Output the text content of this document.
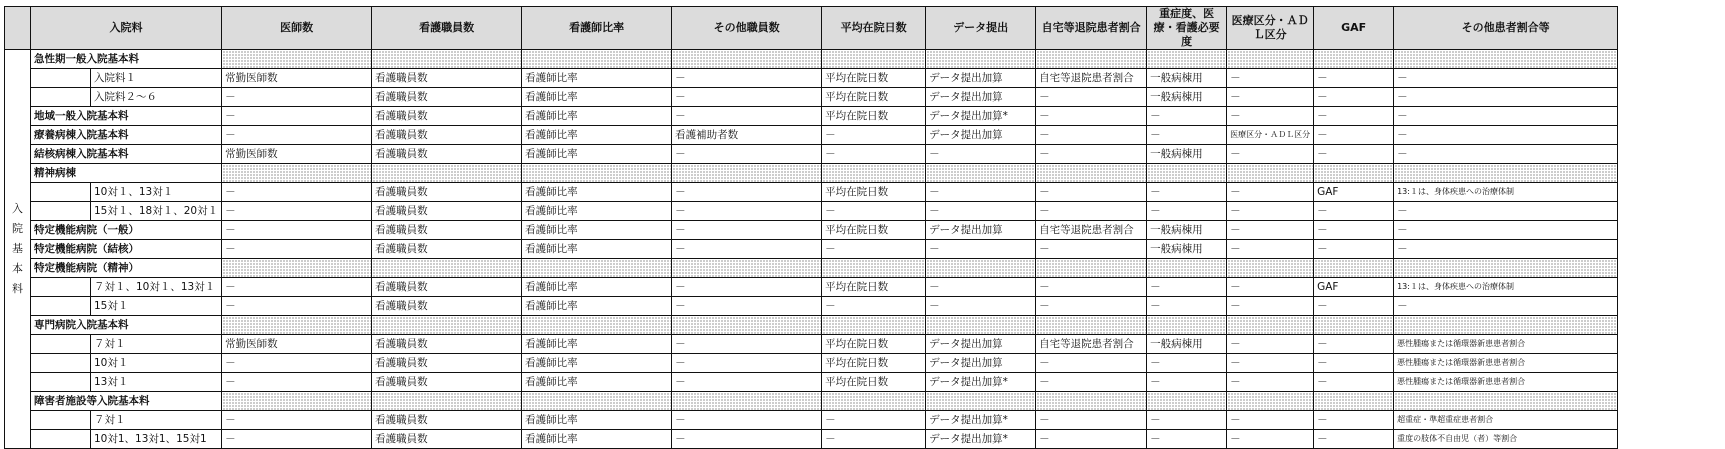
	入院料		医師数	看護職員数	看護師比率	その他職員数	平均在院日数	データ提出	自宅等退院患者割合	重症度、医療・看護必要度	医療区分・ＡＤＬ区分	GAF	その他患者割合等
入院基本料	急性期一般入院基本料												
		入院料１	常勤医師数	看護職員数	看護師比率	－	平均在院日数	データ提出加算	自宅等退院患者割合	一般病棟用	－	－	－
		入院料２～６	－	看護職員数	看護師比率	－	平均在院日数	データ提出加算	－	一般病棟用	－	－	－
	地域一般入院基本料		－	看護職員数	看護師比率	－	平均在院日数	データ提出加算*	－	－	－	－	－
	療養病棟入院基本料		－	看護職員数	看護師比率	看護補助者数	－	データ提出加算	－	－	医療区分・ＡＤＬ区分	－	－
	結核病棟入院基本料		常勤医師数	看護職員数	看護師比率	－	－	－	－	一般病棟用	－	－	－
	精神病棟												
		10対１、13対１	－	看護職員数	看護師比率	－	平均在院日数	－	－	－	－	GAF	13:１は、身体疾患への治療体制
		15対１、18対１、20対１	－	看護職員数	看護師比率	－	－	－	－	－	－	－	－
	特定機能病院（一般）		－	看護職員数	看護師比率	－	平均在院日数	データ提出加算	自宅等退院患者割合	一般病棟用	－	－	－
	特定機能病院（結核）		－	看護職員数	看護師比率	－	－	－	－	一般病棟用	－	－	－
	特定機能病院（精神）												
		７対１、10対１、13対１	－	看護職員数	看護師比率	－	平均在院日数	－	－	－	－	GAF	13:１は、身体疾患への治療体制
		15対１	－	看護職員数	看護師比率	－	－	－	－	－	－	－	－
	専門病院入院基本料												
		７対１	常勤医師数	看護職員数	看護師比率	－	平均在院日数	データ提出加算	自宅等退院患者割合	一般病棟用	－	－	悪性腫瘍または循環器新患患者割合
		10対１	－	看護職員数	看護師比率	－	平均在院日数	データ提出加算	－	－	－	－	悪性腫瘍または循環器新患患者割合
		13対１	－	看護職員数	看護師比率	－	平均在院日数	データ提出加算*	－	－	－	－	悪性腫瘍または循環器新患患者割合
	障害者施設等入院基本料												
		７対１	－	看護職員数	看護師比率	－	－	データ提出加算*	－	－	－	－	超重症・準超重症患者割合
		10対1、13対1、15対1	－	看護職員数	看護師比率	－	－	データ提出加算*	－	－	－	－	重度の肢体不自由児（者）等割合
